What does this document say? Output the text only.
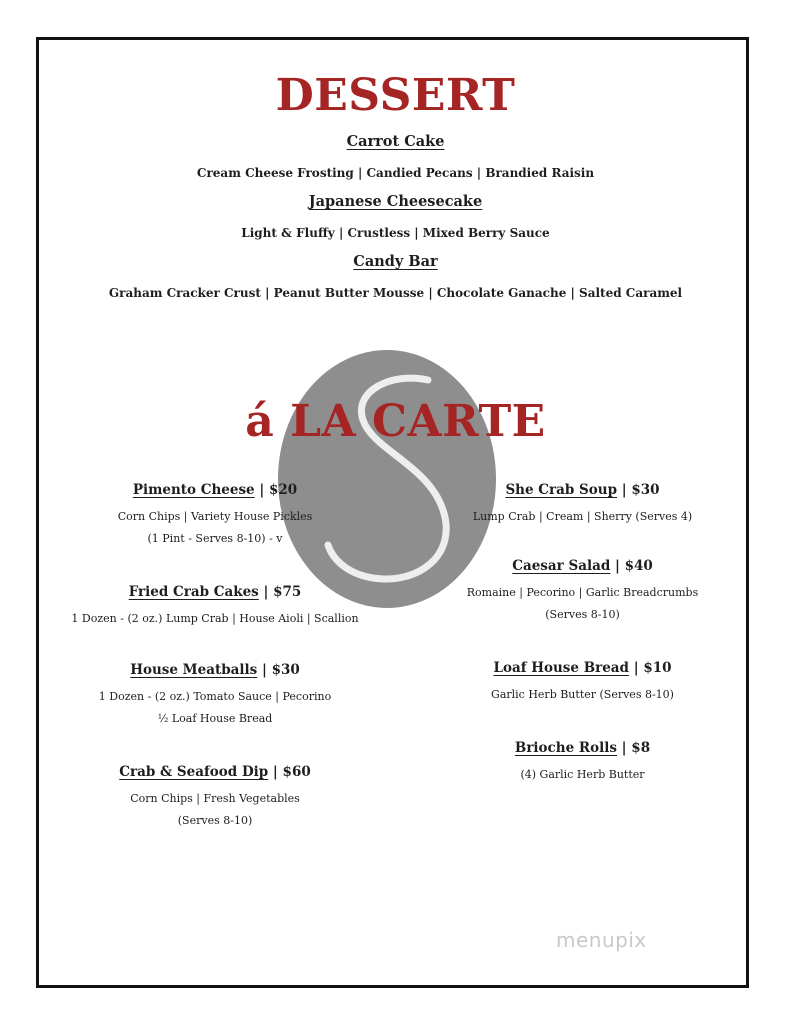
DESSERT
Carrot Cake
Cream Cheese Frosting | Candied Pecans | Brandied Raisin
Japanese Cheesecake
Light & Fluffy | Crustless | Mixed Berry Sauce
Candy Bar
Graham Cracker Crust | Peanut Butter Mousse | Chocolate Ganache | Salted Caramel
á LA CARTE
Pimento Cheese | $20
Corn Chips | Variety House Pickles
(1 Pint - Serves 8-10) - v
Fried Crab Cakes | $75
1 Dozen - (2 oz.) Lump Crab | House Aioli | Scallion
House Meatballs | $30
1 Dozen - (2 oz.) Tomato Sauce | Pecorino
½ Loaf House Bread
Crab & Seafood Dip | $60
Corn Chips | Fresh Vegetables
(Serves 8-10)
She Crab Soup | $30
Lump Crab | Cream | Sherry (Serves 4)
Caesar Salad | $40
Romaine | Pecorino | Garlic Breadcrumbs
(Serves 8-10)
Loaf House Bread | $10
Garlic Herb Butter (Serves 8-10)
Brioche Rolls | $8
(4) Garlic Herb Butter
menupix
